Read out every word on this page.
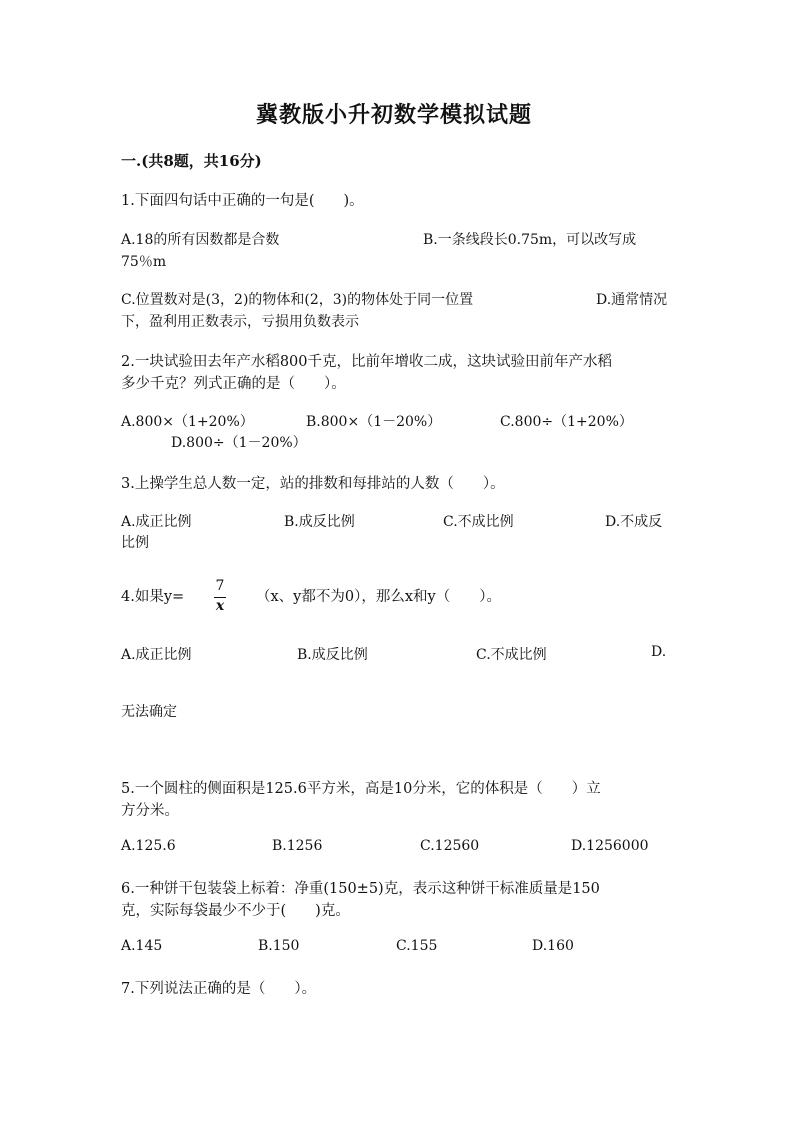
冀教版小升初数学模拟试题
一.(共8题，共16分)
1.下面四句话中正确的一句是(　　)。
A.18的所有因数都是合数	B.一条线段长0.75m，可以改写成
75％m
C.位置数对是(3，2)的物体和(2，3)的物体处于同一位置	D.通常情况
下，盈利用正数表示，亏损用负数表示
2.一块试验田去年产水稻800千克，比前年增收二成，这块试验田前年产水稻
多少千克？列式正确的是（　　）。
A.800×（1+20%）	B.800×（1－20%）	C.800÷（1+20%）
D.800÷（1－20%）
3.上操学生总人数一定，站的排数和每排站的人数（　　）。
A.成正比例	B.成反比例	C.不成比例	D.不成反
比例
4.如果y=
7
x
（x、y都不为0），那么x和y（　　）。
A.成正比例	B.成反比例	C.不成比例	D.
无法确定
5.一个圆柱的侧面积是125.6平方米，高是10分米，它的体积是（　　）立
方分米。
A.125.6	B.1256	C.12560	D.1256000
6.一种饼干包装袋上标着：净重(150±5)克，表示这种饼干标准质量是150
克，实际每袋最少不少于(　　)克。
A.145	B.150	C.155	D.160
7.下列说法正确的是（　　）。
